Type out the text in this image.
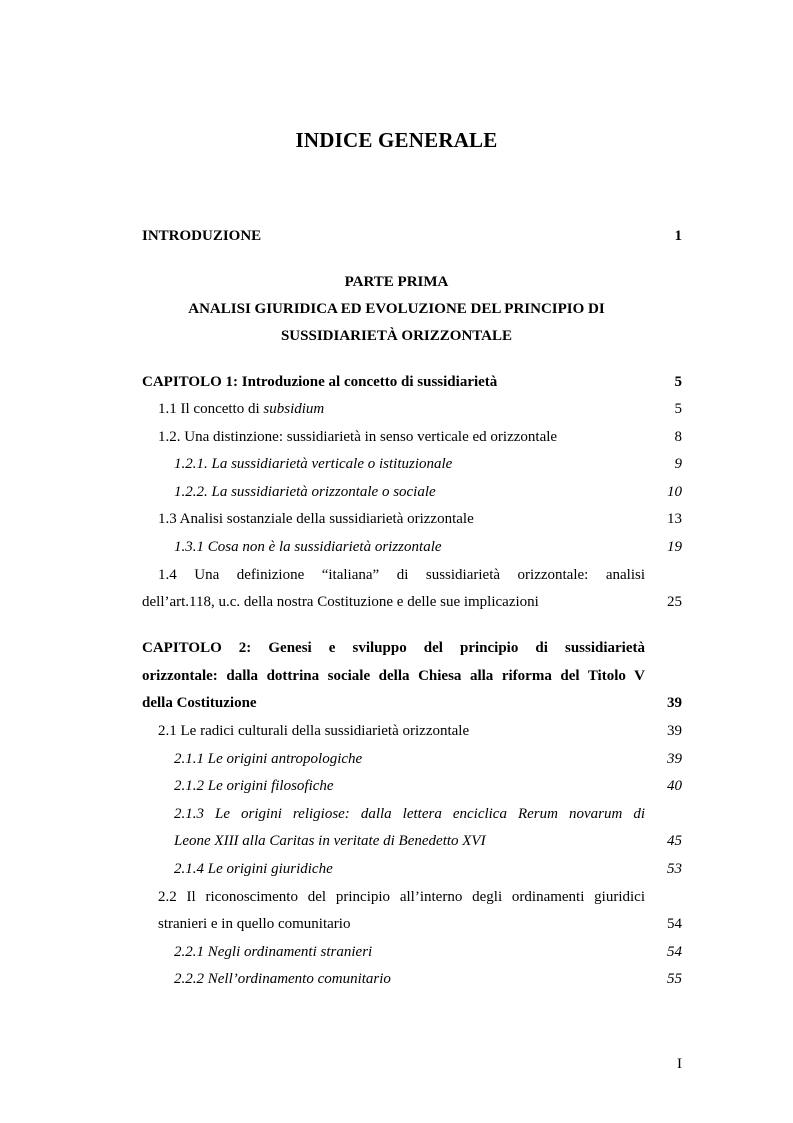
INDICE GENERALE
INTRODUZIONE	1
PARTE PRIMA
ANALISI GIURIDICA ED EVOLUZIONE DEL PRINCIPIO DI
SUSSIDIARIETÀ ORIZZONTALE
CAPITOLO 1: Introduzione al concetto di sussidiarietà	5
1.1 Il concetto di subsidium	5
1.2. Una distinzione: sussidiarietà in senso verticale ed orizzontale	8
1.2.1. La sussidiarietà verticale o istituzionale	9
1.2.2. La sussidiarietà orizzontale o sociale	10
1.3 Analisi sostanziale della sussidiarietà orizzontale	13
1.3.1 Cosa non è la sussidiarietà orizzontale	19
1.4 Una definizione “italiana” di sussidiarietà orizzontale: analisi
dell’art.118, u.c. della nostra Costituzione e delle sue implicazioni	25
CAPITOLO 2: Genesi e sviluppo del principio di sussidiarietà
orizzontale: dalla dottrina sociale della Chiesa alla riforma del Titolo V
della Costituzione	39
2.1 Le radici culturali della sussidiarietà orizzontale	39
2.1.1 Le origini antropologiche	39
2.1.2 Le origini filosofiche	40
2.1.3 Le origini religiose: dalla lettera enciclica Rerum novarum di
Leone XIII alla Caritas in veritate di Benedetto XVI	45
2.1.4 Le origini giuridiche	53
2.2 Il riconoscimento del principio all’interno degli ordinamenti giuridici
stranieri e in quello comunitario	54
2.2.1 Negli ordinamenti stranieri	54
2.2.2 Nell’ordinamento comunitario	55
I
